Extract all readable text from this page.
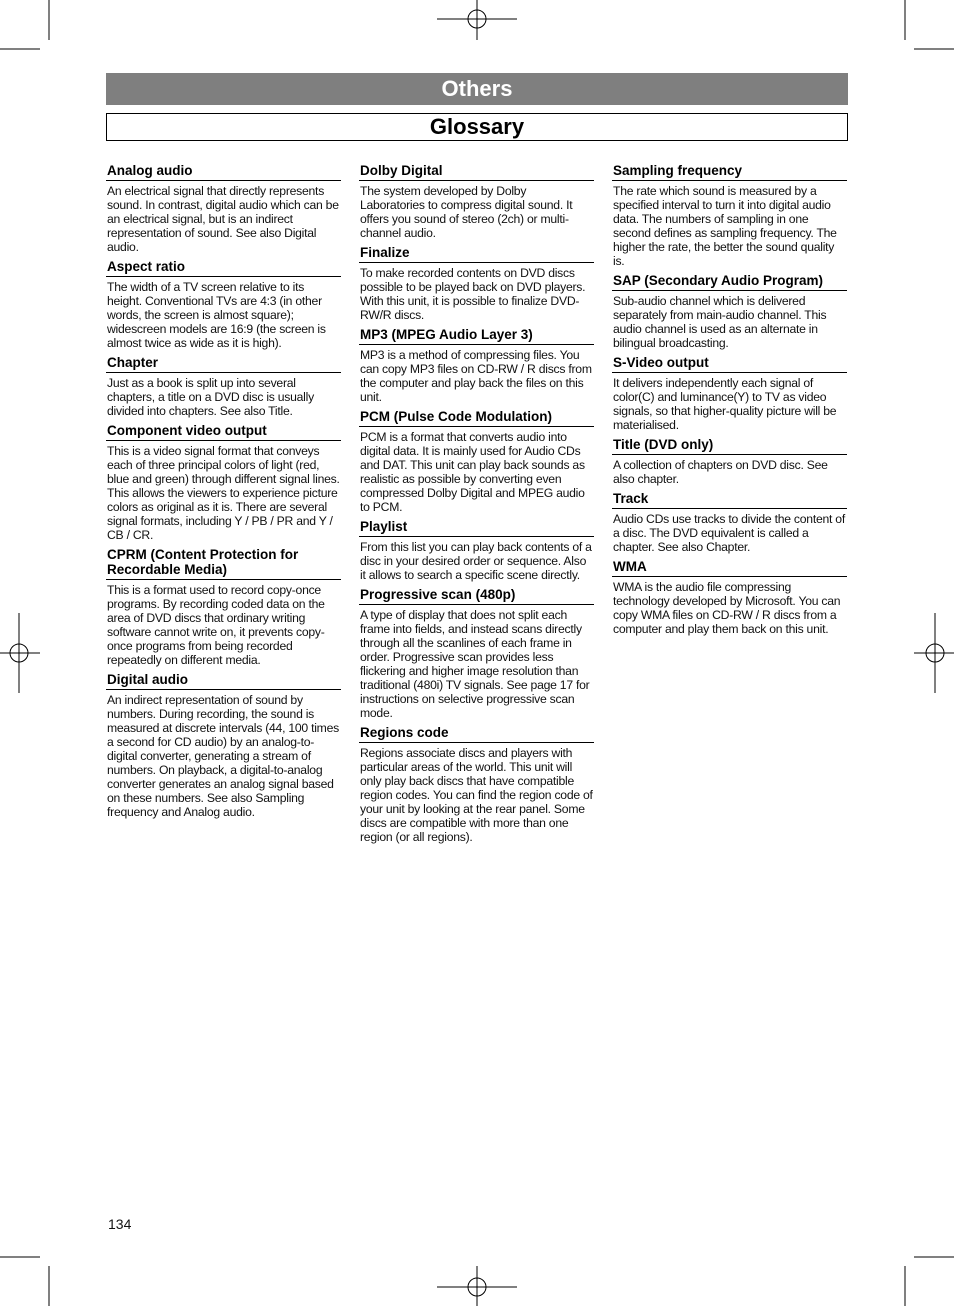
Others
Glossary
Analog audio

An electrical signal that directly represents sound. In contrast, digital audio which can be an electrical signal, but is an indirect representation of sound. See also Digital audio.

Aspect ratio

The width of a TV screen relative to its height. Conventional TVs are 4:3 (in other words, the screen is almost square); widescreen models are 16:9 (the screen is almost twice as wide as it is high).

Chapter

Just as a book is split up into several chapters, a title on a DVD disc is usually divided into chapters. See also Title.

Component video output

This is a video signal format that conveys each of three principal colors of light (red, blue and green) through different signal lines. This allows the viewers to experience picture colors as original as it is. There are several signal formats, including Y / PB / PR and Y / CB / CR.

CPRM (Content Protection for Recordable Media)

This is a format used to record copy-once programs. By recording coded data on the area of DVD discs that ordinary writing software cannot write on, it prevents copy-once programs from being recorded repeatedly on different media.

Digital audio

An indirect representation of sound by numbers. During recording, the sound is measured at discrete intervals (44, 100 times a second for CD audio) by an analog-to-digital converter, generating a stream of numbers. On playback, a digital-to-analog converter generates an analog signal based on these numbers. See also Sampling frequency and Analog audio.

Dolby Digital

The system developed by Dolby Laboratories to compress digital sound. It offers you sound of stereo (2ch) or multi-channel audio.

Finalize

To make recorded contents on DVD discs possible to be played back on DVD players. With this unit, it is possible to finalize DVD-RW/R discs.

MP3 (MPEG Audio Layer 3)

MP3 is a method of compressing files. You can copy MP3 files on CD-RW / R discs from the computer and play back the files on this unit.

PCM (Pulse Code Modulation)

PCM is a format that converts audio into digital data. It is mainly used for Audio CDs and DAT. This unit can play back sounds as realistic as possible by converting even compressed Dolby Digital and MPEG audio to PCM.

Playlist

From this list you can play back contents of a disc in your desired order or sequence. Also it allows to search a specific scene directly.

Progressive scan (480p)

A type of display that does not split each frame into fields, and instead scans directly through all the scanlines of each frame in order. Progressive scan provides less flickering and higher image resolution than traditional (480i) TV signals. See page 17 for instructions on selective progressive scan mode.

Regions code

Regions associate discs and players with particular areas of the world. This unit will only play back discs that have compatible region codes. You can find the region code of your unit by looking at the rear panel. Some discs are compatible with more than one region (or all regions).

Sampling frequency

The rate which sound is measured by a specified interval to turn it into digital audio data. The numbers of sampling in one second defines as sampling frequency. The higher the rate, the better the sound quality is.

SAP (Secondary Audio Program)

Sub-audio channel which is delivered separately from main-audio channel. This audio channel is used as an alternate in bilingual broadcasting.

S-Video output

It delivers independently each signal of color(C) and luminance(Y) to TV as video signals, so that higher-quality picture will be materialised.

Title (DVD only)

A collection of chapters on DVD disc. See also chapter.

Track

Audio CDs use tracks to divide the content of a disc. The DVD equivalent is called a chapter. See also Chapter.

WMA

WMA is the audio file compressing technology developed by Microsoft. You can copy WMA files on CD-RW / R discs from a computer and play them back on this unit.

134
